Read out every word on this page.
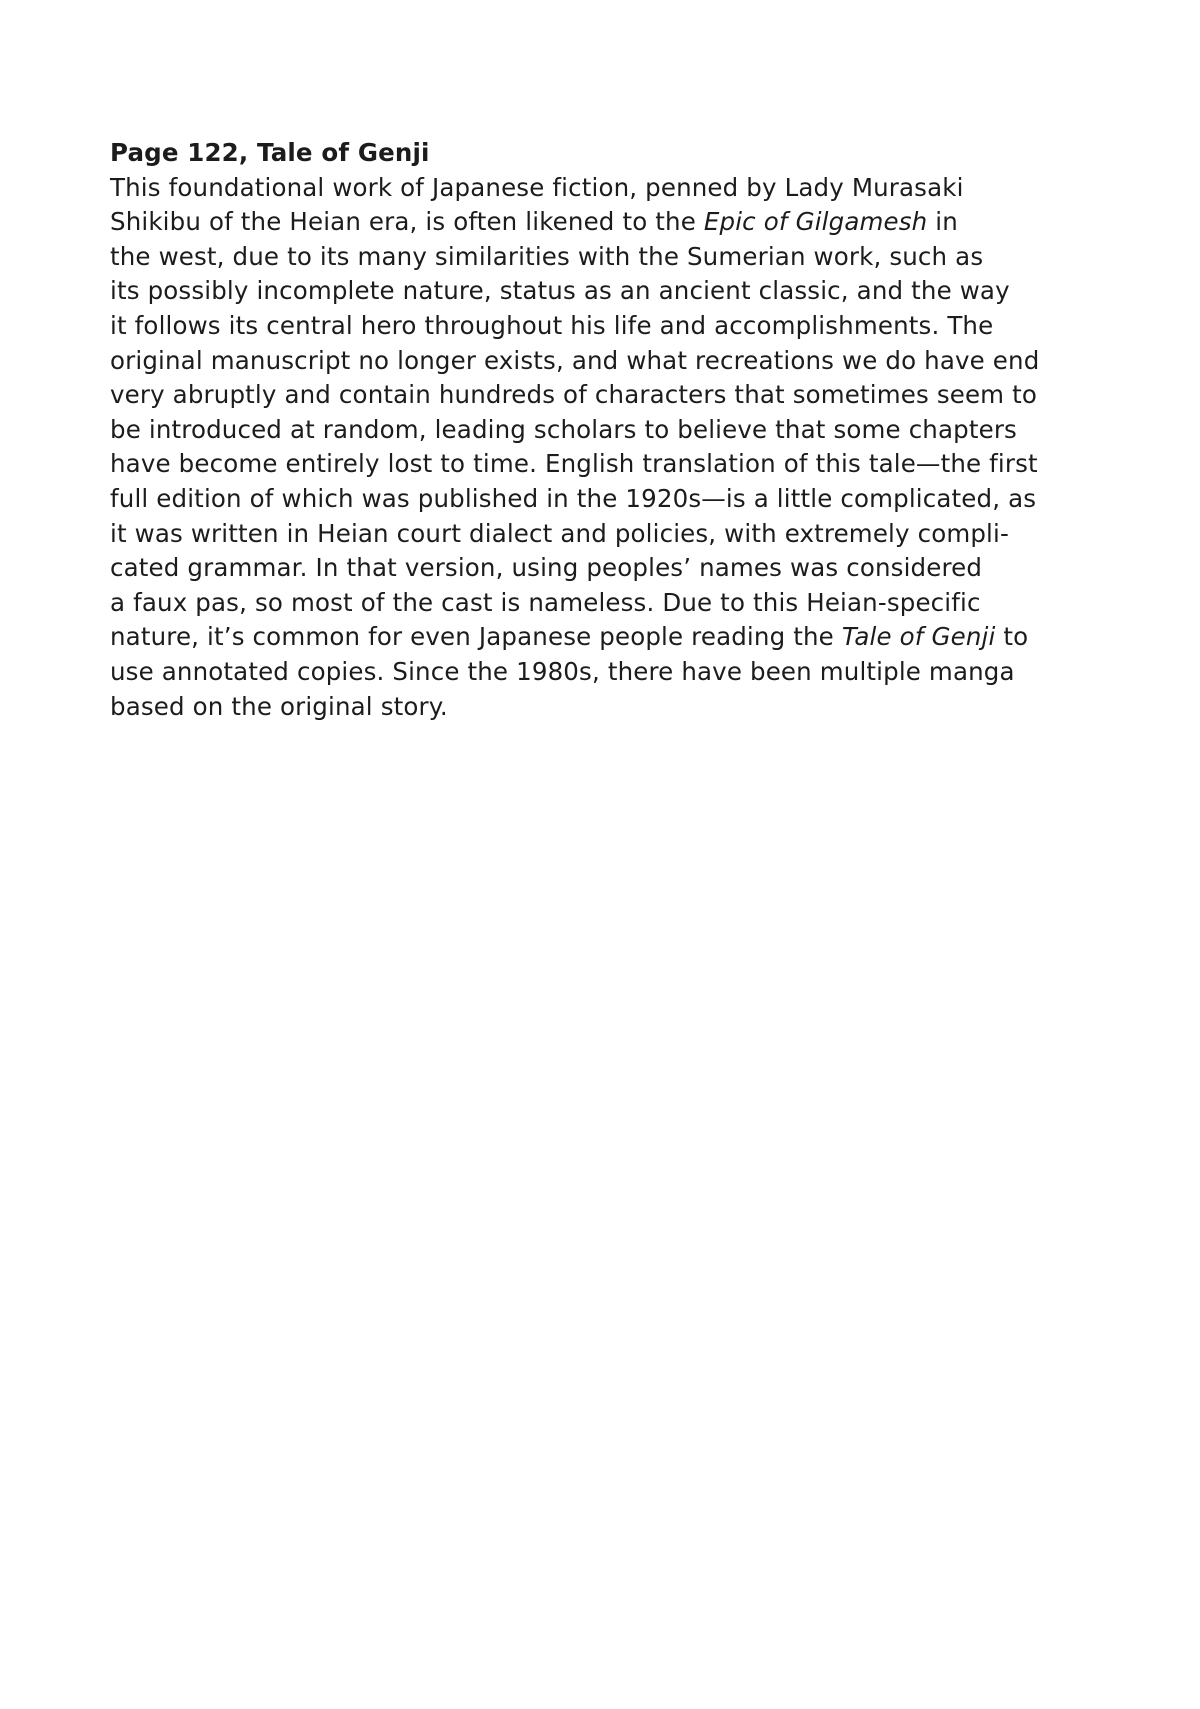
Page 122, Tale of Genji
This foundational work of Japanese fiction, penned by Lady Murasaki
Shikibu of the Heian era, is often likened to the Epic of Gilgamesh in
the west, due to its many similarities with the Sumerian work, such as
its possibly incomplete nature, status as an ancient classic, and the way
it follows its central hero throughout his life and accomplishments. The
original manuscript no longer exists, and what recreations we do have end
very abruptly and contain hundreds of characters that sometimes seem to
be introduced at random, leading scholars to believe that some chapters
have become entirely lost to time. English translation of this tale—the first
full edition of which was published in the 1920s—is a little complicated, as
it was written in Heian court dialect and policies, with extremely compli-
cated grammar. In that version, using peoples’ names was considered
a faux pas, so most of the cast is nameless. Due to this Heian-specific
nature, it’s common for even Japanese people reading the Tale of Genji to
use annotated copies. Since the 1980s, there have been multiple manga
based on the original story.
